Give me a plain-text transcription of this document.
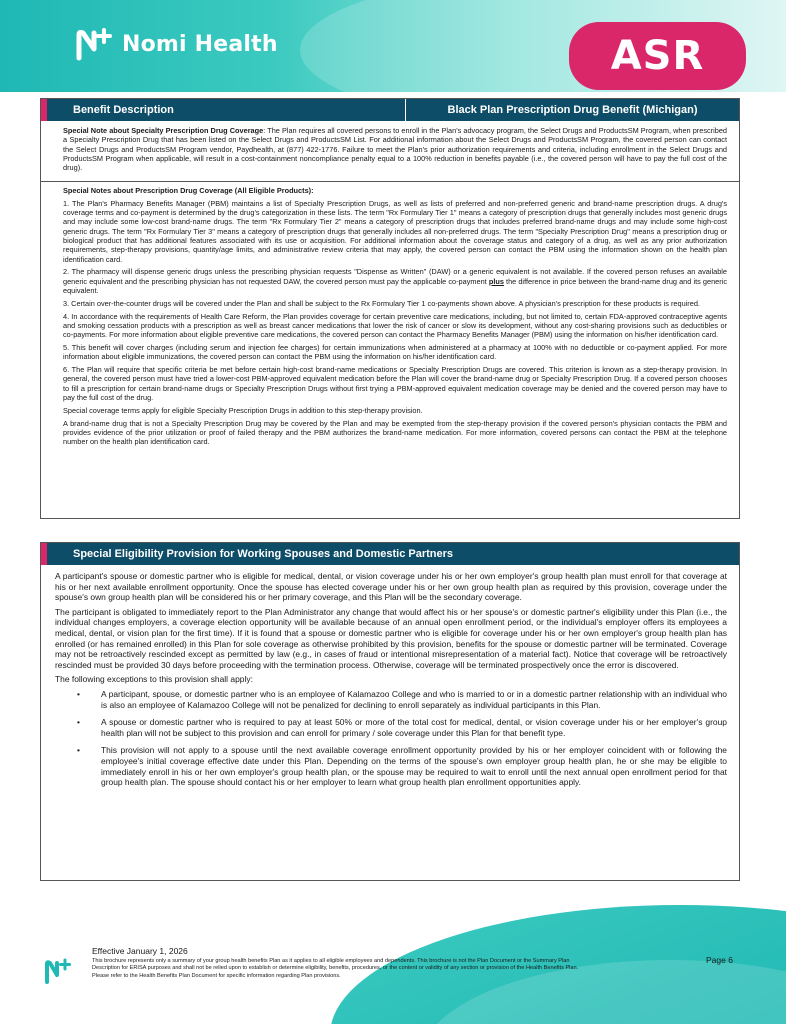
Nomi Health	ASR
Benefit Description	Black Plan Prescription Drug Benefit (Michigan)

Special Note about Specialty Prescription Drug Coverage: The Plan requires all covered persons to enroll in the Plan's advocacy program, the Select Drugs and ProductsSM Program, when prescribed a Specialty Prescription Drug that has been listed on the Select Drugs and ProductsSM List. For additional information about the Select Drugs and ProductsSM Program, the covered person can contact the Select Drugs and ProductsSM Program vendor, Paydhealth, at (877) 422-1776. Failure to meet the Plan's prior authorization requirements and criteria, including enrollment in the Select Drugs and ProductsSM Program when applicable, will result in a cost-containment noncompliance penalty equal to a 100% reduction in benefits payable (i.e., the covered person will have to pay the full cost of the drug).

Special Notes about Prescription Drug Coverage (All Eligible Products):

1. The Plan's Pharmacy Benefits Manager (PBM) maintains a list of Specialty Prescription Drugs, as well as lists of preferred and non-preferred generic and brand-name prescription drugs. A drug's coverage terms and co-payment is determined by the drug's categorization in these lists. The term "Rx Formulary Tier 1" means a category of prescription drugs that generally includes most generic drugs and may include some low-cost brand-name drugs. The term "Rx Formulary Tier 2" means a category of prescription drugs that includes preferred brand-name drugs and may include some high-cost generic drugs. The term "Rx Formulary Tier 3" means a category of prescription drugs that generally includes all non-preferred drugs. The term "Specialty Prescription Drug" means a prescription drug or biological product that has additional features associated with its use or acquisition. For additional information about the coverage status and category of a drug, as well as any prior authorization requirements, step-therapy provisions, quantity/age limits, and administrative review criteria that may apply, the covered person can contact the PBM using the information shown on the health plan identification card.

2. The pharmacy will dispense generic drugs unless the prescribing physician requests "Dispense as Written" (DAW) or a generic equivalent is not available. If the covered person refuses an available generic equivalent and the prescribing physician has not requested DAW, the covered person must pay the applicable co-payment plus the difference in price between the brand-name drug and its generic equivalent.

3. Certain over-the-counter drugs will be covered under the Plan and shall be subject to the Rx Formulary Tier 1 co-payments shown above. A physician's prescription for these products is required.

4. In accordance with the requirements of Health Care Reform, the Plan provides coverage for certain preventive care medications, including, but not limited to, certain FDA-approved contraceptive agents and smoking cessation products with a prescription as well as breast cancer medications that lower the risk of cancer or slow its development, without any cost-sharing provisions such as deductibles or co-payments. For more information about eligible preventive care medications, the covered person can contact the Pharmacy Benefits Manager (PBM) using the information on his/her identification card.

5. This benefit will cover charges (including serum and injection fee charges) for certain immunizations when administered at a pharmacy at 100% with no deductible or co-payment applied. For more information about eligible immunizations, the covered person can contact the PBM using the information on his/her identification card.

6. The Plan will require that specific criteria be met before certain high-cost brand-name medications or Specialty Prescription Drugs are covered. This criterion is known as a step-therapy provision. In general, the covered person must have tried a lower-cost PBM-approved equivalent medication before the Plan will cover the brand-name drug or Specialty Prescription Drug. If a covered person chooses to fill a prescription for certain brand-name drugs or Specialty Prescription Drugs without first trying a PBM-approved equivalent medication coverage may be denied and the covered person may have to pay the full cost of the drug.

Special coverage terms apply for eligible Specialty Prescription Drugs in addition to this step-therapy provision.

A brand-name drug that is not a Specialty Prescription Drug may be covered by the Plan and may be exempted from the step-therapy provision if the covered person's physician contacts the PBM and provides evidence of the prior utilization or proof of failed therapy and the PBM authorizes the brand-name medication. For more information, covered persons can contact the PBM at the telephone number on the health plan identification card.

Special Eligibility Provision for Working Spouses and Domestic Partners

A participant's spouse or domestic partner who is eligible for medical, dental, or vision coverage under his or her own employer's group health plan must enroll for that coverage at his or her next available enrollment opportunity. Once the spouse has elected coverage under his or her own group health plan as required by this provision, coverage under the spouse's own group health plan will be considered his or her primary coverage, and this Plan will be the secondary coverage.

The participant is obligated to immediately report to the Plan Administrator any change that would affect his or her spouse's or domestic partner's eligibility under this Plan (i.e., the individual changes employers, a coverage election opportunity will be available because of an annual open enrollment period, or the individual's employer offers its employees a medical, dental, or vision plan for the first time). If it is found that a spouse or domestic partner who is eligible for coverage under his or her own employer's group health plan has enrolled (or has remained enrolled) in this Plan for sole coverage as otherwise prohibited by this provision, benefits for the spouse or domestic partner will be terminated. Coverage may not be retroactively rescinded except as permitted by law (e.g., in cases of fraud or intentional misrepresentation of a material fact). Notice that coverage will be retroactively rescinded must be provided 30 days before proceeding with the termination process. Otherwise, coverage will be terminated prospectively once the error is discovered.

The following exceptions to this provision shall apply:

• A participant, spouse, or domestic partner who is an employee of Kalamazoo College and who is married to or in a domestic partner relationship with an individual who is also an employee of Kalamazoo College will not be penalized for declining to enroll separately as individual participants in this Plan.
• A spouse or domestic partner who is required to pay at least 50% or more of the total cost for medical, dental, or vision coverage under his or her employer's group health plan will not be subject to this provision and can enroll for primary / sole coverage under this Plan for that benefit type.
• This provision will not apply to a spouse until the next available coverage enrollment opportunity provided by his or her employer coincident with or following the employee's initial coverage effective date under this Plan. Depending on the terms of the spouse's own employer group health plan, he or she may be eligible to immediately enroll in his or her own employer's group health plan, or the spouse may be required to wait to enroll until the next annual open enrollment period for that group health plan. The spouse should contact his or her employer to learn what group health plan enrollment opportunities apply.
Effective January 1, 2026
This brochure represents only a summary of your group health benefits Plan as it applies to all eligible employees and dependents. This brochure is not the Plan Document or the Summary Plan Description for ERISA purposes and shall not be relied upon to establish or determine eligibility, benefits, procedures, or the content or validity of any section or provision of the Health Benefits Plan. Please refer to the Health Benefits Plan Document for specific information regarding Plan provisions.
Page 6
